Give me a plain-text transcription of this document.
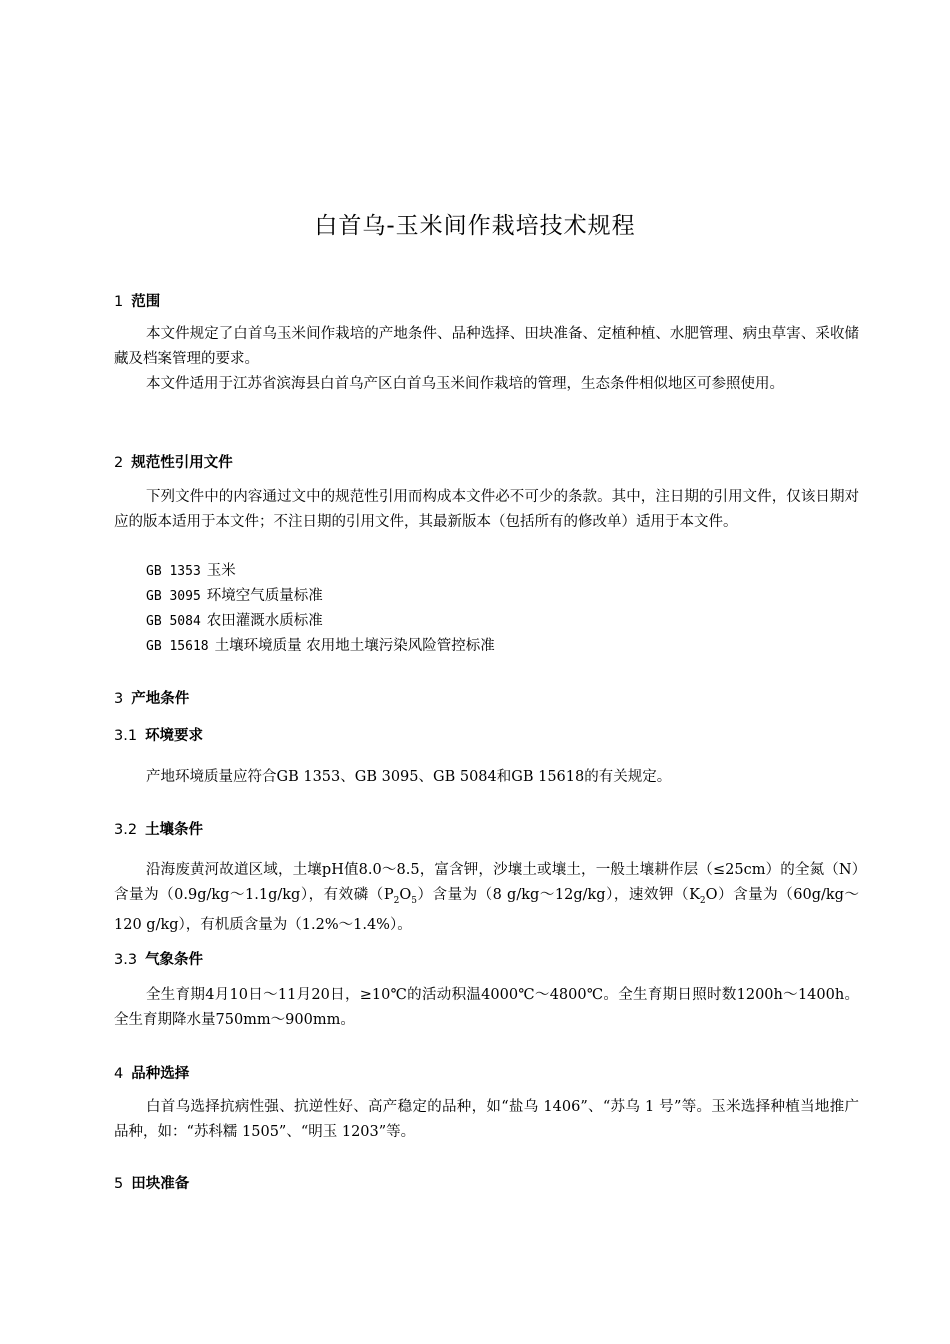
白首乌-玉米间作栽培技术规程
1 范围
本文件规定了白首乌玉米间作栽培的产地条件、品种选择、田块准备、定植种植、水肥管理、病虫草害、采收储藏及档案管理的要求。
本文件适用于江苏省滨海县白首乌产区白首乌玉米间作栽培的管理，生态条件相似地区可参照使用。
2 规范性引用文件
下列文件中的内容通过文中的规范性引用而构成本文件必不可少的条款。其中，注日期的引用文件，仅该日期对应的版本适用于本文件；不注日期的引用文件，其最新版本（包括所有的修改单）适用于本文件。
GB 1353 玉米
GB 3095 环境空气质量标准
GB 5084 农田灌溉水质标准
GB 15618 土壤环境质量 农用地土壤污染风险管控标准
3 产地条件
3.1 环境要求
产地环境质量应符合GB 1353、GB 3095、GB 5084和GB 15618的有关规定。
3.2 土壤条件
沿海废黄河故道区域，土壤pH值8.0～8.5，富含钾，沙壤土或壤土，一般土壤耕作层（≤25cm）的全氮（N）含量为（0.9g/kg～1.1g/kg），有效磷$(P_2O_5)$含量为（8 g/kg～12g/kg），速效钾$(K_2O)$含量为（60g/kg～120 g/kg），有机质含量为（1.2%～1.4%）。
3.3 气象条件
全生育期4月10日～11月20日，≥10℃的活动积温4000℃～4800℃。全生育期日照时数1200h～1400h。全生育期降水量750mm～900mm。
4 品种选择
白首乌选择抗病性强、抗逆性好、高产稳定的品种，如“盐乌 1406”、“苏乌 1 号”等。玉米选择种植当地推广品种，如：“苏科糯 1505”、“明玉 1203”等。
5 田块准备
